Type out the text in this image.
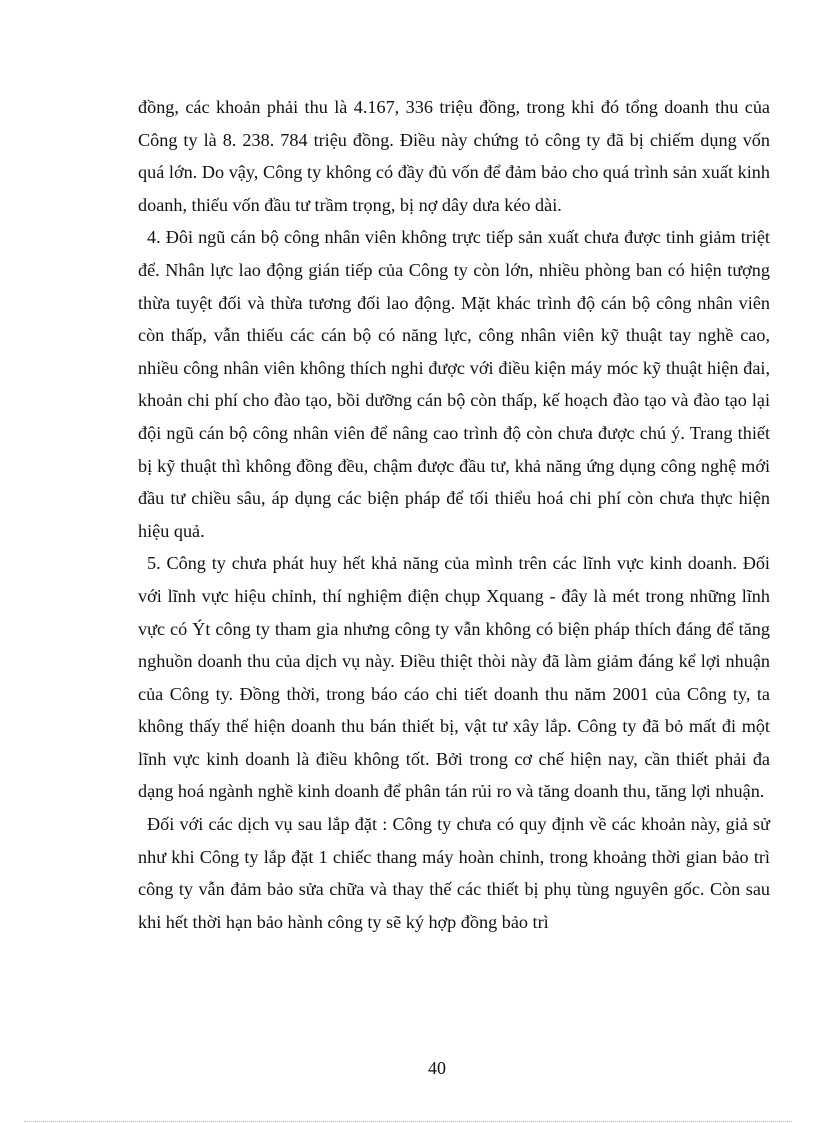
đồng, các khoản phải thu là 4.167, 336 triệu đồng, trong khi đó tổng doanh thu của Công ty là 8. 238. 784 triệu đồng. Điều này chứng tỏ công ty đã bị chiếm dụng vốn quá lớn. Do vậy, Công ty không có đầy đủ vốn để đảm bảo cho quá trình sản xuất kinh doanh, thiếu vốn đầu tư trầm trọng, bị nợ dây dưa kéo dài.

4. Đôi ngũ cán bộ công nhân viên không trực tiếp sản xuất chưa được tinh giảm triệt để. Nhân lực lao động gián tiếp của Công ty còn lớn, nhiều phòng ban có hiện tượng thừa tuyệt đối và thừa tương đối lao động. Mặt khác trình độ cán bộ công nhân viên còn thấp, vẫn thiếu các cán bộ có năng lực, công nhân viên kỹ thuật tay nghề cao, nhiều công nhân viên không thích nghi được với điều kiện máy móc kỹ thuật hiện đai, khoản chi phí cho đào tạo, bồi dưỡng cán bộ còn thấp, kế hoạch đào tạo và đào tạo lại đội ngũ cán bộ công nhân viên để nâng cao trình độ còn chưa được chú ý. Trang thiết bị kỹ thuật thì không đồng đều, chậm được đầu tư, khả năng ứng dụng công nghệ mới đầu tư chiều sâu, áp dụng các biện pháp để tối thiểu hoá chi phí còn chưa thực hiện hiệu quả.

5. Công ty chưa phát huy hết khả năng của mình trên các lĩnh vực kinh doanh. Đối với lĩnh vực hiệu chỉnh, thí nghiệm điện chụp Xquang - đây là mét trong những lĩnh vực có Ýt công ty tham gia nhưng công ty vẫn không có biện pháp thích đáng để tăng nghuồn doanh thu của dịch vụ này. Điều thiệt thòi này đã làm giảm đáng kể lợi nhuận của Công ty. Đồng thời, trong báo cáo chi tiết doanh thu năm 2001 của Công ty, ta không thấy thể hiện doanh thu bán thiết bị, vật tư xây lắp. Công ty đã bỏ mất đi một lĩnh vực kinh doanh là điều không tốt. Bởi trong cơ chế hiện nay, cần thiết phải đa dạng hoá ngành nghề kinh doanh để phân tán rủi ro và tăng doanh thu, tăng lợi nhuận.

Đối với các dịch vụ sau lắp đặt : Công ty chưa có quy định về các khoản này, giả sử như khi Công ty lắp đặt 1 chiếc thang máy hoàn chỉnh, trong khoảng thời gian bảo trì công ty vẫn đảm bảo sửa chữa và thay thế các thiết bị phụ tùng nguyên gốc. Còn sau khi hết thời hạn bảo hành công ty sẽ ký hợp đồng bảo trì

40
